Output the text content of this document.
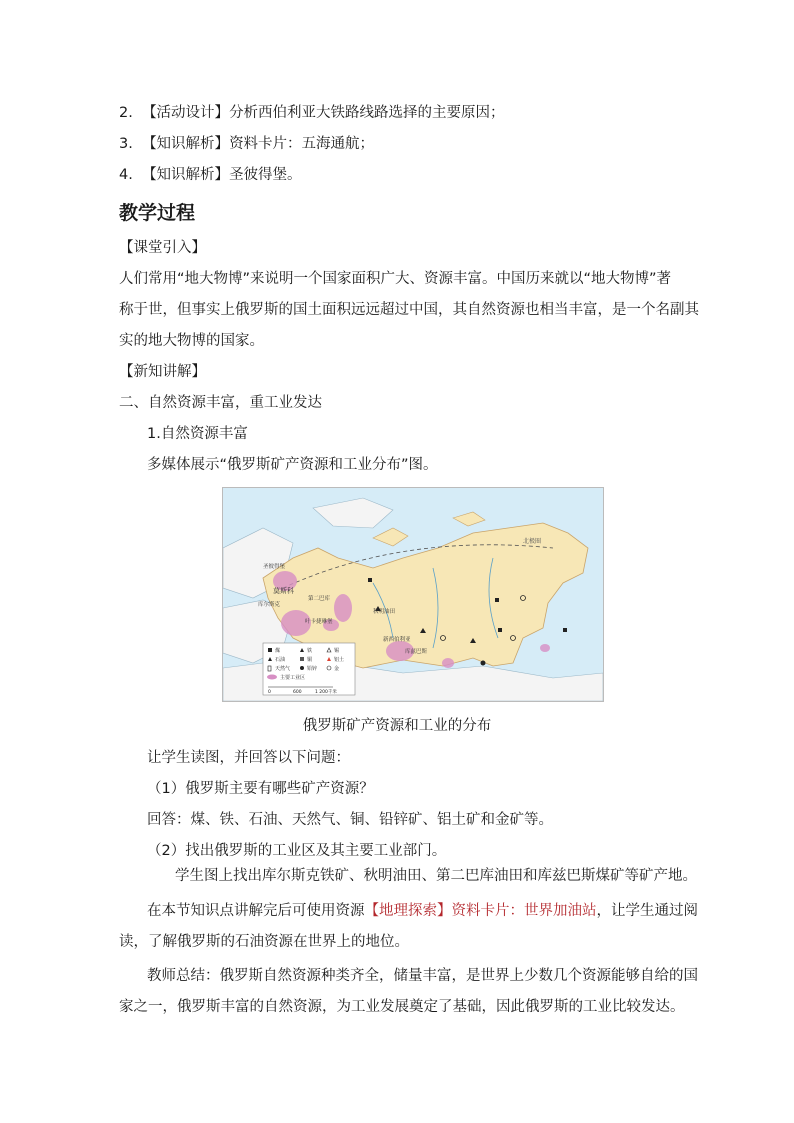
2. 【活动设计】分析西伯利亚大铁路线路选择的主要原因；
3. 【知识解析】资料卡片：五海通航；
4. 【知识解析】圣彼得堡。
教学过程
【课堂引入】
人们常用“地大物博”来说明一个国家面积广大、资源丰富。中国历来就以“地大物博”著
称于世，但事实上俄罗斯的国土面积远远超过中国，其自然资源也相当丰富，是一个名副其
实的地大物博的国家。
【新知讲解】
二、自然资源丰富，重工业发达
1.自然资源丰富
多媒体展示“俄罗斯矿产资源和工业分布”图。
北极圈
圣彼得堡
莫斯科
库尔斯克
第二巴库
叶卡捷琳堡
秋明油田
新西伯利亚
库兹巴斯
煤	铁	锡
石油	铜	铝土
天然气	铅锌	金
主要工业区
0	600	1 200千米
俄罗斯矿产资源和工业的分布
让学生读图，并回答以下问题：
（1）俄罗斯主要有哪些矿产资源？
回答：煤、铁、石油、天然气、铜、铅锌矿、铝土矿和金矿等。
（2）找出俄罗斯的工业区及其主要工业部门。
学生图上找出库尔斯克铁矿、秋明油田、第二巴库油田和库兹巴斯煤矿等矿产地。
在本节知识点讲解完后可使用资源【地理探索】资料卡片：世界加油站，让学生通过阅
读，了解俄罗斯的石油资源在世界上的地位。
教师总结：俄罗斯自然资源种类齐全，储量丰富，是世界上少数几个资源能够自给的国
家之一，俄罗斯丰富的自然资源，为工业发展奠定了基础，因此俄罗斯的工业比较发达。
